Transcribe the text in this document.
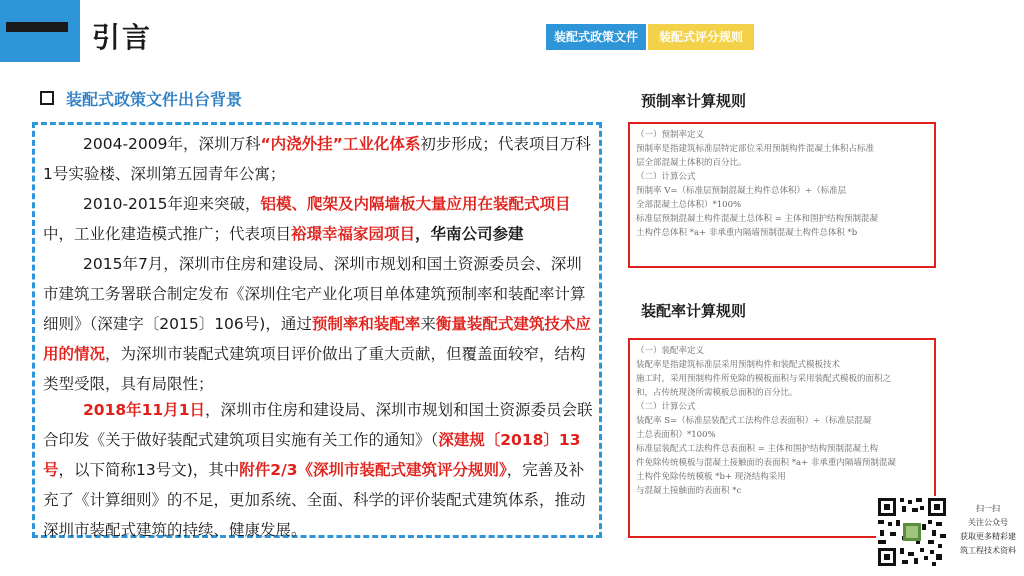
引言	装配式政策文件	装配式评分规则
装配式政策文件出台背景
2004-2009年，深圳万科“内浇外挂”工业化体系初步形成；代表项目万科1号实验楼、深圳第五园青年公寓；
2010-2015年迎来突破，铝模、爬架及内隔墙板大量应用在装配式项目中，工业化建造模式推广；代表项目裕璟幸福家园项目，华南公司参建
2015年7月，深圳市住房和建设局、深圳市规划和国土资源委员会、深圳市建筑工务署联合制定发布《深圳住宅产业化项目单体建筑预制率和装配率计算细则》（深建字〔2015〕106号)，通过预制率和装配率来衡量装配式建筑技术应用的情况，为深圳市装配式建筑项目评价做出了重大贡献，但覆盖面较窄，结构类型受限，具有局限性；
2018年11月1日，深圳市住房和建设局、深圳市规划和国土资源委员会联合印发《关于做好装配式建筑项目实施有关工作的通知》（深建规〔2018〕13号，以下简称13号文)，其中附件2/3《深圳市装配式建筑评分规则》，完善及补充了《计算细则》的不足，更加系统、全面、科学的评价装配式建筑体系，推动深圳市装配式建筑的持续、健康发展。
预制率计算规则
（一）预制率定义
预制率是指建筑标准层特定部位采用预制构件混凝土体积占标准
层全部混凝土体积的百分比。
（二）计算公式
预制率 V=（标准层预制混凝土构件总体积）÷（标准层
全部混凝土总体积）*100%
标准层预制混凝土构件混凝土总体积 = 主体和围护结构预制混凝
土构件总体积 *a+ 非承重内隔墙预制混凝土构件总体积 *b
装配率计算规则
（一）装配率定义
装配率是指建筑标准层采用预制构件和装配式模板技术
施工时，采用预制构件所免除的模板面积与采用装配式模板的面积之
和，占传统现浇所需模板总面积的百分比。
（二）计算公式
装配率 S=（标准层装配式工法构件总表面积）÷（标准层混凝
土总表面积）*100%
标准层装配式工法构件总表面积 = 主体和围护结构预制混凝土构
件免除传统模板与混凝土接触面的表面积 *a+ 非承重内隔墙预制混凝
土构件免除传统模板 *b+ 现浇结构采用
与混凝土接触面的表面积 *c
扫一扫
关注公众号
获取更多精彩建
筑工程技术资料
